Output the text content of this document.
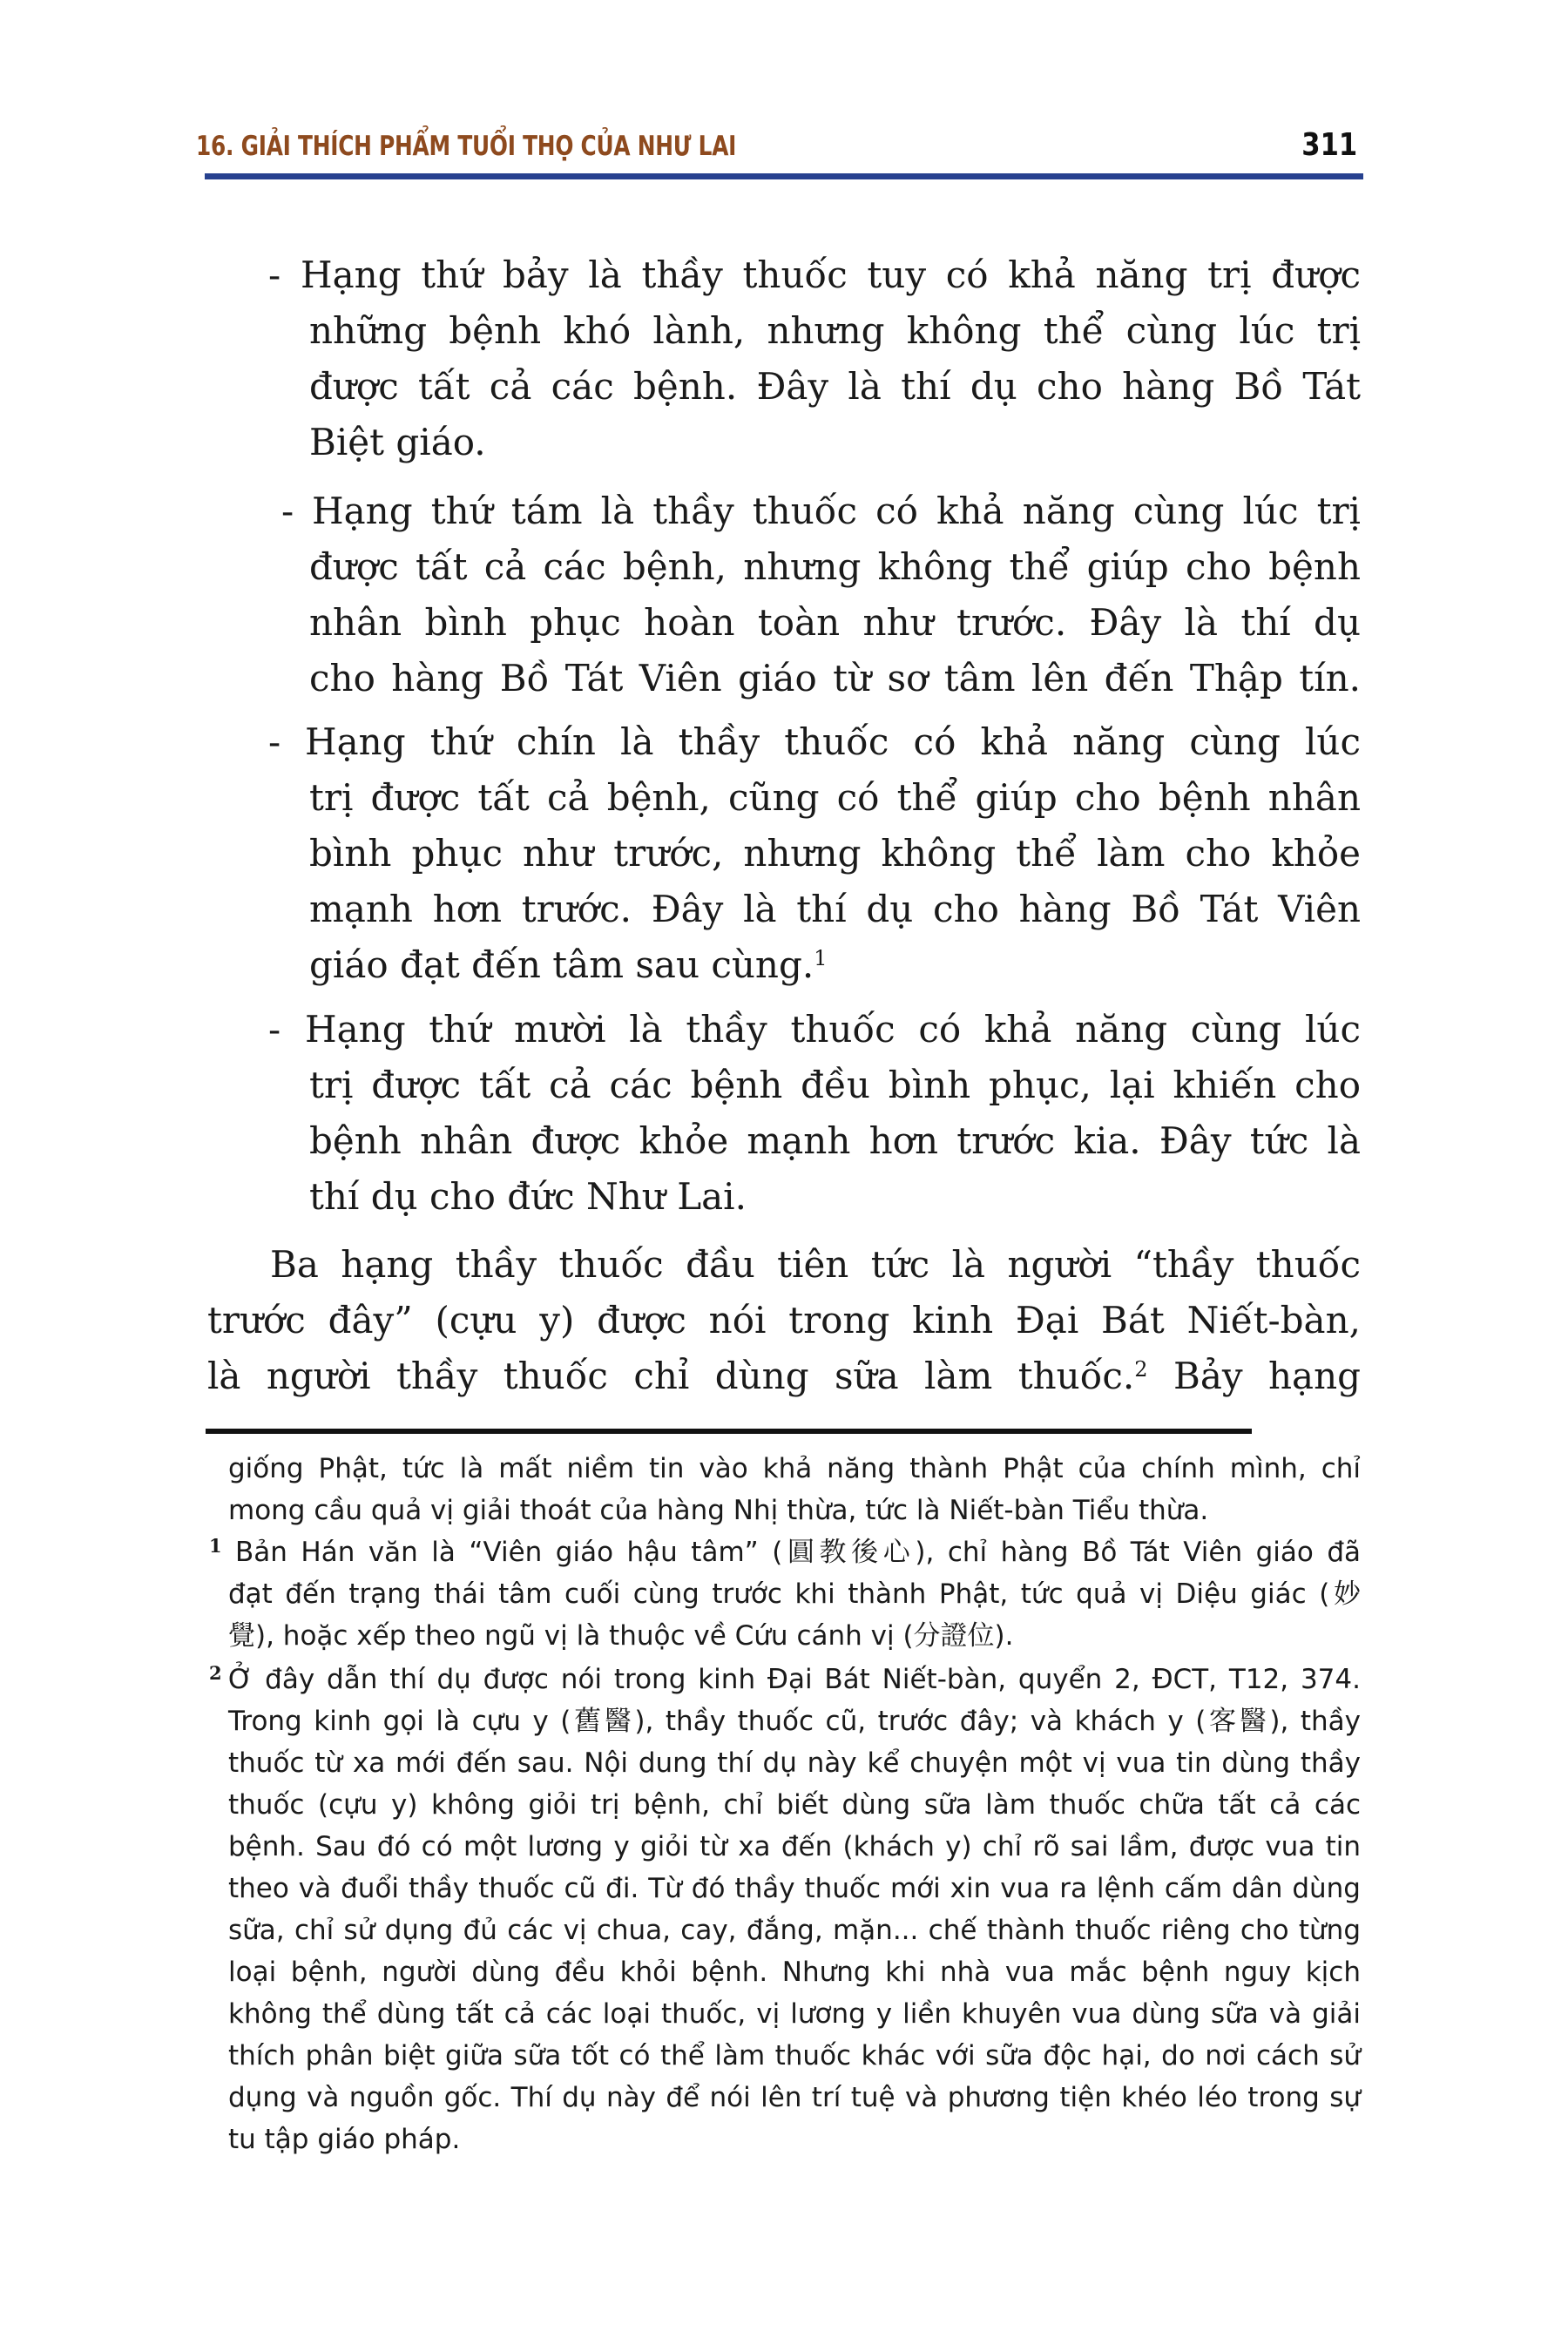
16. GIẢI THÍCH PHẨM TUỔI THỌ CỦA NHƯ LAI	311
- Hạng thứ bảy là thầy thuốc tuy có khả năng trị được
những bệnh khó lành, nhưng không thể cùng lúc trị
được tất cả các bệnh. Đây là thí dụ cho hàng Bồ Tát
Biệt giáo.
- Hạng thứ tám là thầy thuốc có khả năng cùng lúc trị
được tất cả các bệnh, nhưng không thể giúp cho bệnh
nhân bình phục hoàn toàn như trước. Đây là thí dụ
cho hàng Bồ Tát Viên giáo từ sơ tâm lên đến Thập tín.
- Hạng thứ chín là thầy thuốc có khả năng cùng lúc
trị được tất cả bệnh, cũng có thể giúp cho bệnh nhân
bình phục như trước, nhưng không thể làm cho khỏe
mạnh hơn trước. Đây là thí dụ cho hàng Bồ Tát Viên
giáo đạt đến tâm sau cùng.$^1$
- Hạng thứ mười là thầy thuốc có khả năng cùng lúc
trị được tất cả các bệnh đều bình phục, lại khiến cho
bệnh nhân được khỏe mạnh hơn trước kia. Đây tức là
thí dụ cho đức Như Lai.
Ba hạng thầy thuốc đầu tiên tức là người “thầy thuốc
trước đây” (cựu y) được nói trong kinh Đại Bát Niết-bàn,
là người thầy thuốc chỉ dùng sữa làm thuốc.$^2$ Bảy hạng
giống Phật, tức là mất niềm tin vào khả năng thành Phật của chính mình, chỉ
mong cầu quả vị giải thoát của hàng Nhị thừa, tức là Niết-bàn Tiểu thừa.
1 Bản Hán văn là “Viên giáo hậu tâm” (圓教後心), chỉ hàng Bồ Tát Viên giáo đã
đạt đến trạng thái tâm cuối cùng trước khi thành Phật, tức quả vị Diệu giác (妙
覺), hoặc xếp theo ngũ vị là thuộc về Cứu cánh vị (分證位).
2 Ở đây dẫn thí dụ được nói trong kinh Đại Bát Niết-bàn, quyển 2, ĐCT, T12, 374.
Trong kinh gọi là cựu y (舊醫), thầy thuốc cũ, trước đây; và khách y (客醫), thầy
thuốc từ xa mới đến sau. Nội dung thí dụ này kể chuyện một vị vua tin dùng thầy
thuốc (cựu y) không giỏi trị bệnh, chỉ biết dùng sữa làm thuốc chữa tất cả các
bệnh. Sau đó có một lương y giỏi từ xa đến (khách y) chỉ rõ sai lầm, được vua tin
theo và đuổi thầy thuốc cũ đi. Từ đó thầy thuốc mới xin vua ra lệnh cấm dân dùng
sữa, chỉ sử dụng đủ các vị chua, cay, đắng, mặn... chế thành thuốc riêng cho từng
loại bệnh, người dùng đều khỏi bệnh. Nhưng khi nhà vua mắc bệnh nguy kịch
không thể dùng tất cả các loại thuốc, vị lương y liền khuyên vua dùng sữa và giải
thích phân biệt giữa sữa tốt có thể làm thuốc khác với sữa độc hại, do nơi cách sử
dụng và nguồn gốc. Thí dụ này để nói lên trí tuệ và phương tiện khéo léo trong sự
tu tập giáo pháp.
